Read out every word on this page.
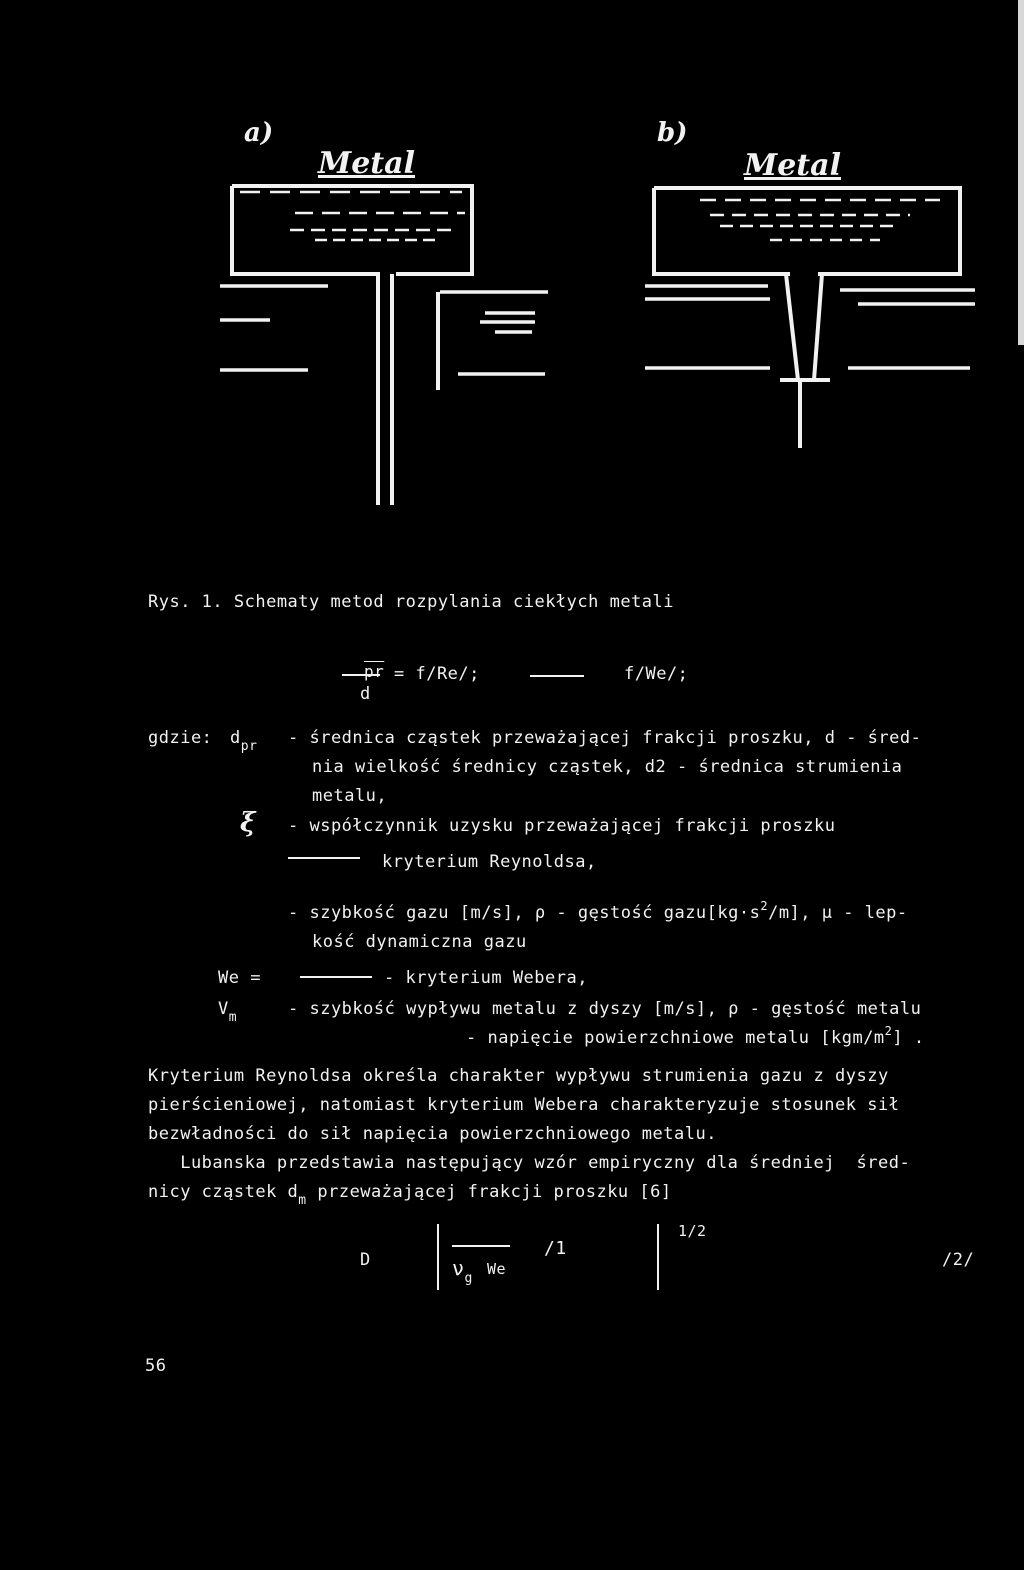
a)	b)
Metal	Metal
Rys. 1. Schematy metod rozpylania ciekłych metali
$\overline{pr}$
d
= f/Re/;	f/We/;
gdzie: $d_{pr}$ - średnica cząstek przeważającej frakcji proszku, d - śred-
nia wielkość średnicy cząstek, d2 - średnica strumienia
metalu,
ξ - współczynnik uzysku przeważającej frakcji proszku
kryterium Reynoldsa,
- szybkość gazu [m/s], ρ - gęstość $gazu[kg\cdot s^2/m]$, μ - lep-
kość dynamiczna gazu
We =	- kryterium Webera,
$V_m$	- szybkość wypływu metalu z dyszy [m/s], ρ - gęstość metalu
- napięcie powierzchniowe metalu $[kgm/m^2]$ .
Kryterium Reynoldsa określa charakter wypływu strumienia gazu z dyszy
pierścieniowej, natomiast kryterium Webera charakteryzuje stosunek sił
bezwładności do sił napięcia powierzchniowego metalu.
Lubanska przedstawia następujący wzór empiryczny dla średniej  śred-
nicy cząstek $d_m$ przeważającej frakcji proszku [6]
D	$\nu_g$
We
/1
1/2
/2/
56
